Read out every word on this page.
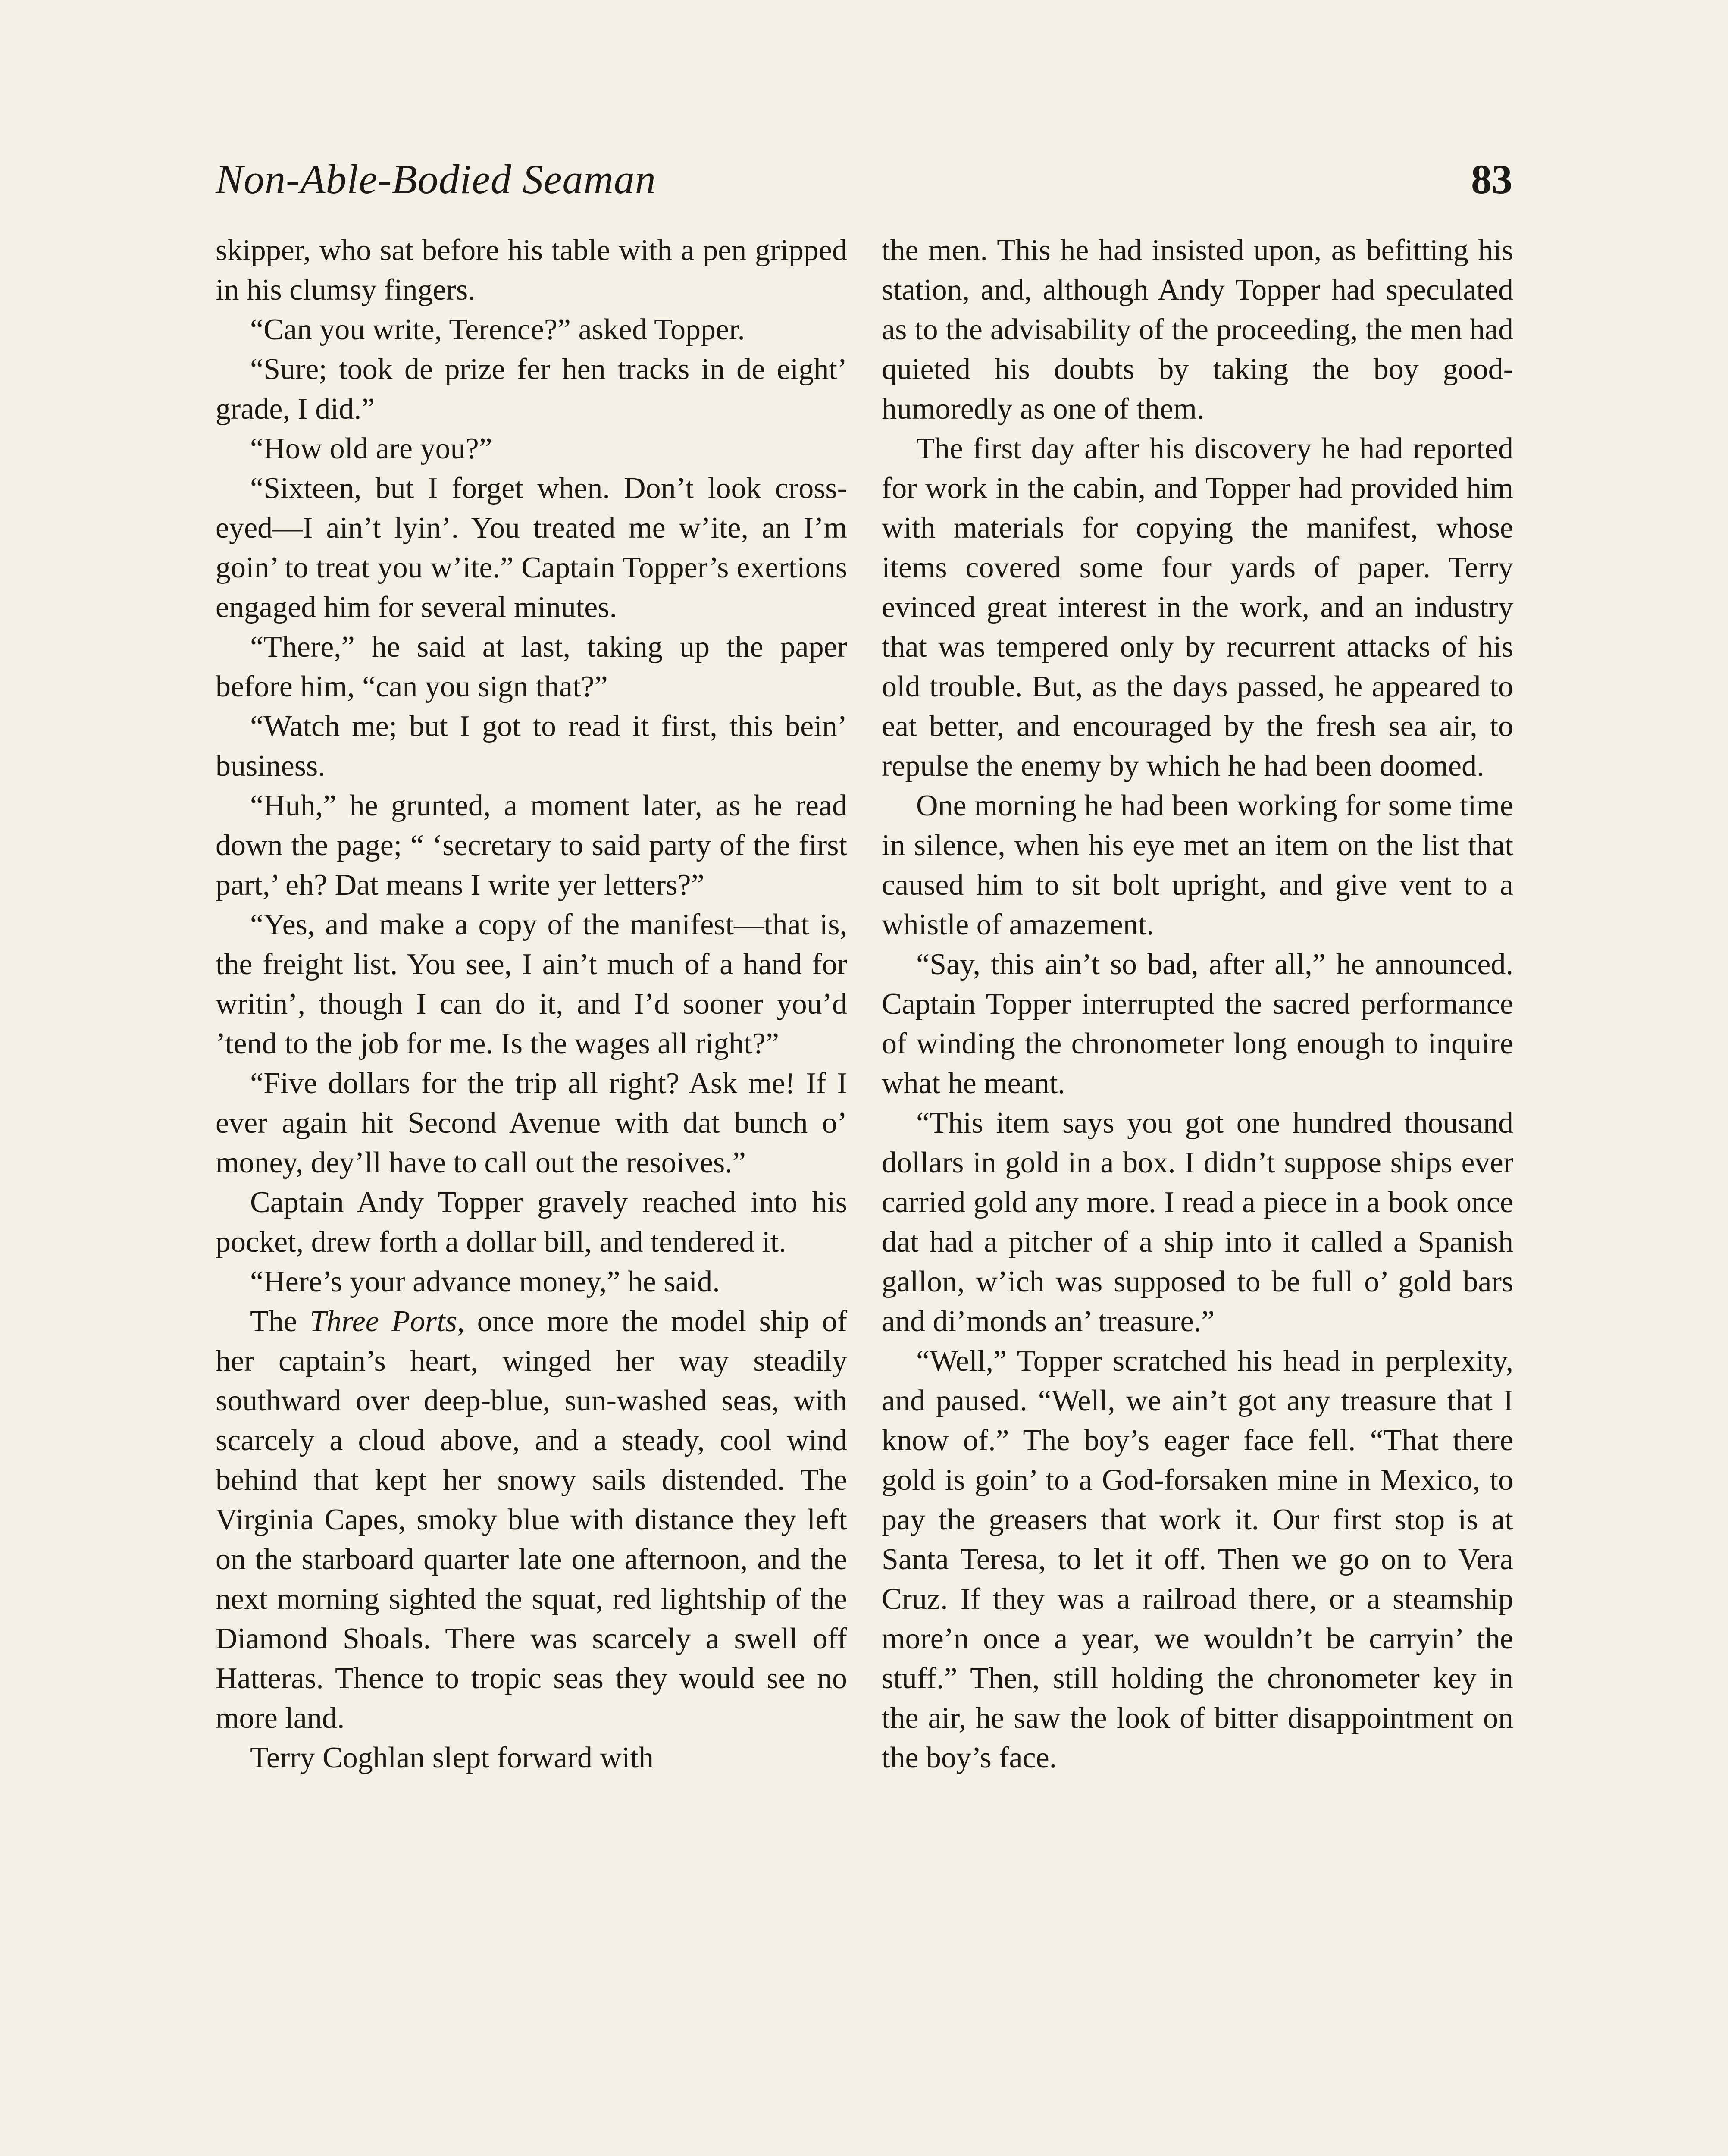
Non-Able-Bodied Seaman	83

skipper, who sat before his table with a pen gripped in his clumsy fingers.

“Can you write, Terence?” asked Topper.

“Sure; took de prize fer hen tracks in de eight’ grade, I did.”

“How old are you?”

“Sixteen, but I forget when. Don’t look cross-eyed—I ain’t lyin’. You treated me w’ite, an I’m goin’ to treat you w’ite.” Captain Topper’s exertions engaged him for several minutes.

“There,” he said at last, taking up the paper before him, “can you sign that?”

“Watch me; but I got to read it first, this bein’ business.

“Huh,” he grunted, a moment later, as he read down the page; “ ‘secretary to said party of the first part,’ eh? Dat means I write yer letters?”

“Yes, and make a copy of the manifest—that is, the freight list. You see, I ain’t much of a hand for writin’, though I can do it, and I’d sooner you’d ’tend to the job for me. Is the wages all right?”

“Five dollars for the trip all right? Ask me! If I ever again hit Second Avenue with dat bunch o’ money, dey’ll have to call out the resoives.”

Captain Andy Topper gravely reached into his pocket, drew forth a dollar bill, and tendered it.

“Here’s your advance money,” he said.

The Three Ports, once more the model ship of her captain’s heart, winged her way steadily southward over deep-blue, sun-washed seas, with scarcely a cloud above, and a steady, cool wind behind that kept her snowy sails distended. The Virginia Capes, smoky blue with distance they left on the starboard quarter late one afternoon, and the next morning sighted the squat, red lightship of the Diamond Shoals. There was scarcely a swell off Hatteras. Thence to tropic seas they would see no more land.

Terry Coghlan slept forward with

the men. This he had insisted upon, as befitting his station, and, although Andy Topper had speculated as to the advisability of the proceeding, the men had quieted his doubts by taking the boy good-humoredly as one of them.

The first day after his discovery he had reported for work in the cabin, and Topper had provided him with materials for copying the manifest, whose items covered some four yards of paper. Terry evinced great interest in the work, and an industry that was tempered only by recurrent attacks of his old trouble. But, as the days passed, he appeared to eat better, and encouraged by the fresh sea air, to repulse the enemy by which he had been doomed.

One morning he had been working for some time in silence, when his eye met an item on the list that caused him to sit bolt upright, and give vent to a whistle of amazement.

“Say, this ain’t so bad, after all,” he announced. Captain Topper interrupted the sacred performance of winding the chronometer long enough to inquire what he meant.

“This item says you got one hundred thousand dollars in gold in a box. I didn’t suppose ships ever carried gold any more. I read a piece in a book once dat had a pitcher of a ship into it called a Spanish gallon, w’ich was supposed to be full o’ gold bars and di’monds an’ treasure.”

“Well,” Topper scratched his head in perplexity, and paused. “Well, we ain’t got any treasure that I know of.” The boy’s eager face fell. “That there gold is goin’ to a God-forsaken mine in Mexico, to pay the greasers that work it. Our first stop is at Santa Teresa, to let it off. Then we go on to Vera Cruz. If they was a railroad there, or a steamship more’n once a year, we wouldn’t be carryin’ the stuff.” Then, still holding the chronometer key in the air, he saw the look of bitter disappointment on the boy’s face.
